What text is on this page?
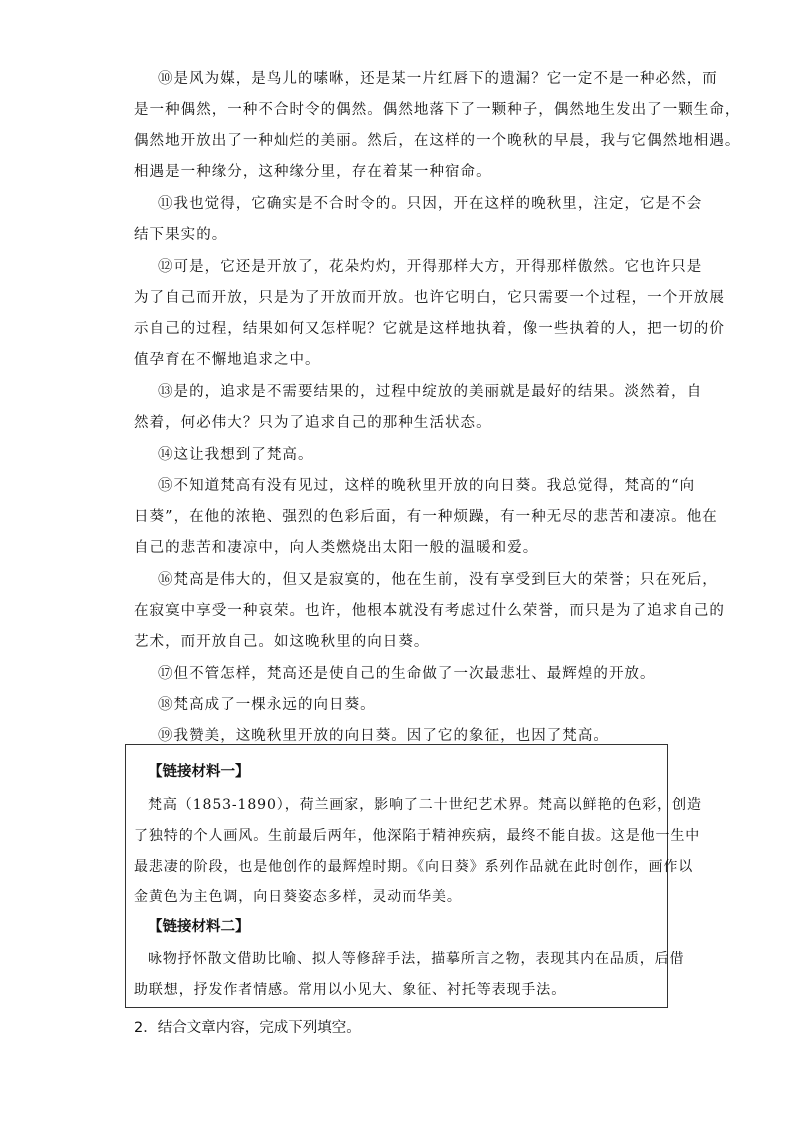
⑩是风为媒，是鸟儿的嗉咻，还是某一片红唇下的遗漏？它一定不是一种必然，而
是一种偶然，一种不合时令的偶然。偶然地落下了一颗种子，偶然地生发出了一颗生命，
偶然地开放出了一种灿烂的美丽。然后，在这样的一个晚秋的早晨，我与它偶然地相遇。
相遇是一种缘分，这种缘分里，存在着某一种宿命。
⑪我也觉得，它确实是不合时令的。只因，开在这样的晚秋里，注定，它是不会
结下果实的。
⑫可是，它还是开放了，花朵灼灼，开得那样大方，开得那样傲然。它也许只是
为了自己而开放，只是为了开放而开放。也许它明白，它只需要一个过程，一个开放展
示自己的过程，结果如何又怎样呢？它就是这样地执着，像一些执着的人，把一切的价
值孕育在不懈地追求之中。
⑬是的，追求是不需要结果的，过程中绽放的美丽就是最好的结果。淡然着，自
然着，何必伟大？只为了追求自己的那种生活状态。
⑭这让我想到了梵高。
⑮不知道梵高有没有见过，这样的晚秋里开放的向日葵。我总觉得，梵高的“向
日葵”，在他的浓艳、强烈的色彩后面，有一种烦躁，有一种无尽的悲苦和凄凉。他在
自己的悲苦和凄凉中，向人类燃烧出太阳一般的温暖和爱。
⑯梵高是伟大的，但又是寂寞的，他在生前，没有享受到巨大的荣誉；只在死后，
在寂寞中享受一种哀荣。也许，他根本就没有考虑过什么荣誉，而只是为了追求自己的
艺术，而开放自己。如这晚秋里的向日葵。
⑰但不管怎样，梵高还是使自己的生命做了一次最悲壮、最辉煌的开放。
⑱梵高成了一棵永远的向日葵。
⑲我赞美，这晚秋里开放的向日葵。因了它的象征，也因了梵高。
【链接材料一】
梵高（1853-1890），荷兰画家，影响了二十世纪艺术界。梵高以鲜艳的色彩，创造
了独特的个人画风。生前最后两年，他深陷于精神疾病，最终不能自拔。这是他一生中
最悲凄的阶段，也是他创作的最辉煌时期。《向日葵》系列作品就在此时创作，画作以
金黄色为主色调，向日葵姿态多样，灵动而华美。
【链接材料二】
咏物抒怀散文借助比喻、拟人等修辞手法，描摹所言之物，表现其内在品质，后借
助联想，抒发作者情感。常用以小见大、象征、衬托等表现手法。
2．结合文章内容，完成下列填空。
